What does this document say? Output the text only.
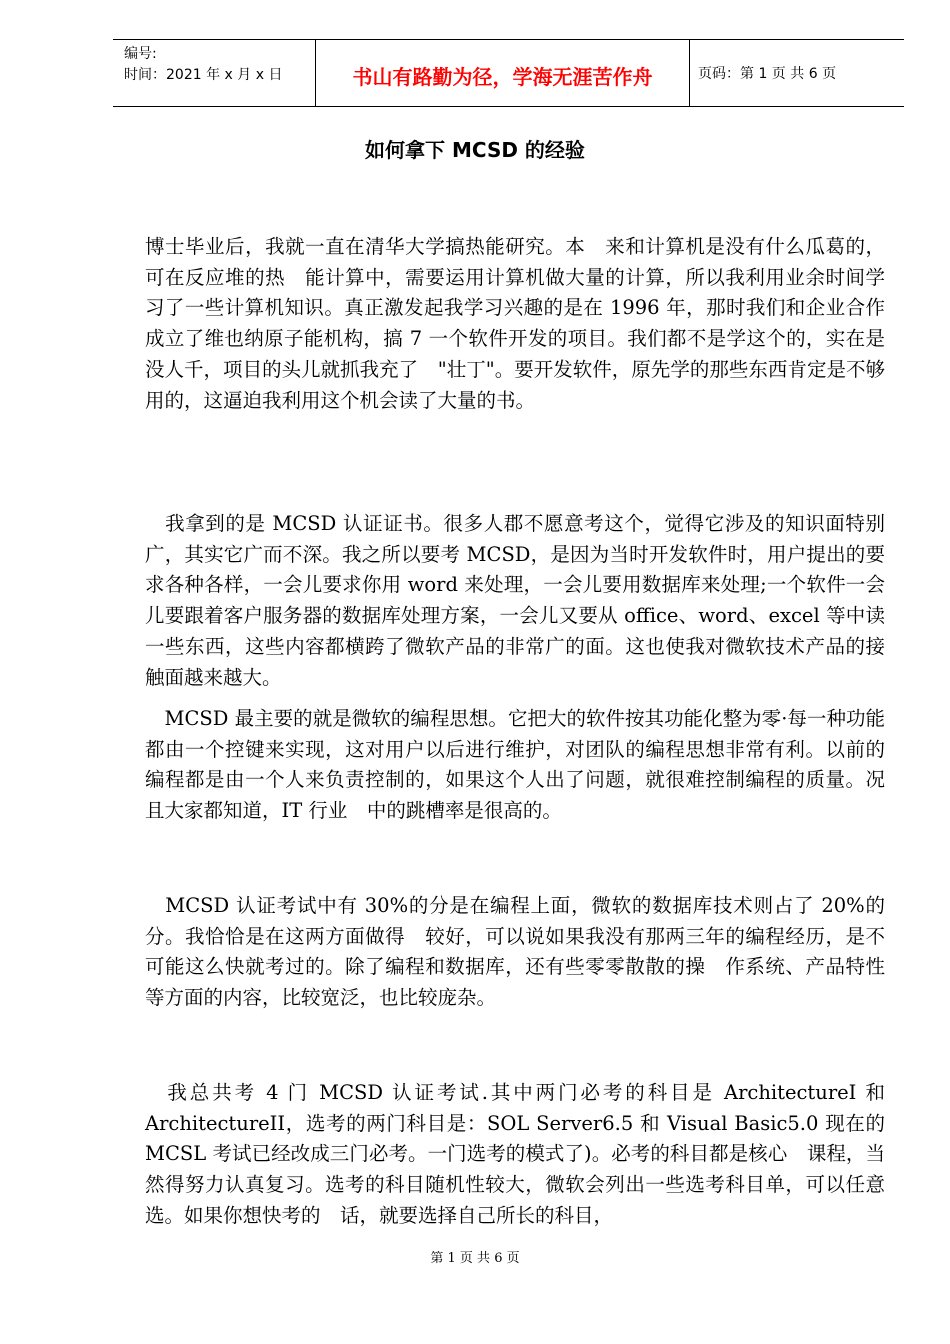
编号:
时间：2021 年 x 月 x 日	书山有路勤为径，学海无涯苦作舟	页码：第 1 页 共 6 页
如何拿下 MCSD 的经验

博士毕业后，我就一直在清华大学搞热能研究。本　来和计算机是没有什么瓜葛的，可在反应堆的热　能计算中，需要运用计算机做大量的计算，所以我利用业余时间学习了一些计算机知识。真正激发起我学习兴趣的是在 1996 年，那时我们和企业合作成立了维也纳原子能机构，搞 7 一个软件开发的项目。我们都不是学这个的，实在是没人千，项目的头儿就抓我充了　"壮丁"。要开发软件，原先学的那些东西肯定是不够用的，这逼迫我利用这个机会读了大量的书。

　我拿到的是 MCSD 认证证书。很多人郡不愿意考这个，觉得它涉及的知识面特别广，其实它广而不深。我之所以要考 MCSD，是因为当时开发软件时，用户提出的要求各种各样，一会儿要求你用 word 来处理，一会儿要用数据库来处理;一个软件一会儿要跟着客户服务器的数据库处理方案，一会儿又要从 office、word、excel 等中读一些东西，这些内容都横跨了微软产品的非常广的面。这也使我对微软技术产品的接触面越来越大。

　MCSD 最主要的就是微软的编程思想。它把大的软件按其功能化整为零·每一种功能都由一个控键来实现，这对用户以后进行维护，对团队的编程思想非常有利。以前的编程都是由一个人来负责控制的，如果这个人出了问题，就很难控制编程的质量。况且大家都知道，IT 行业　中的跳槽率是很高的。

　MCSD 认证考试中有 30%的分是在编程上面，微软的数据库技术则占了 20%的分。我恰恰是在这两方面做得　较好，可以说如果我没有那两三年的编程经历，是不可能这么快就考过的。除了编程和数据库，还有些零零散散的操　作系统、产品特性等方面的内容，比较宽泛，也比较庞杂。

　我总共考 4 门 MCSD 认证考试.其中两门必考的科目是 ArchitectureI 和 ArchitectureII，选考的两门科目是：SOL Server6.5 和 Visual Basic5.0 现在的 MCSL 考试已经改成三门必考。一门选考的模式了)。必考的科目都是核心　课程，当然得努力认真复习。选考的科目随机性较大，微软会列出一些选考科目单，可以任意选。如果你想快考的　话，就要选择自己所长的科目，

第 1 页 共 6 页
